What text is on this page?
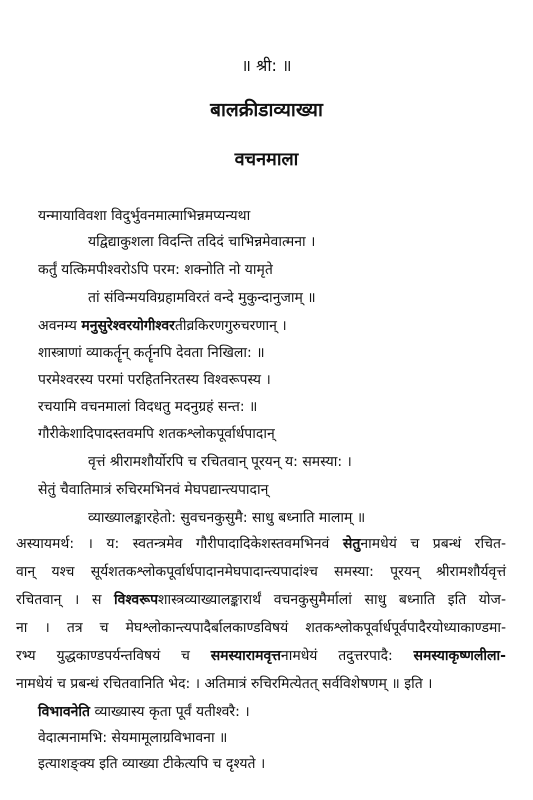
॥ श्री: ॥

बालक्रीडाव्याख्या

वचनमाला

यन्मायाविवशा विदुर्भुवनमात्माभिन्नमप्यन्यथा

यद्विद्याकुशला विदन्ति तदिदं चाभिन्नमेवात्मना ।

कर्तुं यत्किमपीश्वरोऽपि परम: शक्नोति नो यामृते

तां संविन्मयविग्रहामविरतं वन्दे मुकुन्दानुजाम् ॥

अवनम्य मनुसुरेश्वरयोगीश्वरतीव्रकिरणगुरुचरणान् ।

शास्त्राणां व्याकर्तॄन् कर्तॄनपि देवता निखिला: ॥

परमेश्वरस्य परमां परहितनिरतस्य विश्वरूपस्य ।

रचयामि वचनमालां विदधतु मदनुग्रहं सन्त: ॥

गौरीकेशादिपादस्तवमपि शतकश्लोकपूर्वार्धपादान्

वृत्तं श्रीरामशौर्योरपि च रचितवान् पूरयन् य: समस्या: ।

सेतुं चैवातिमात्रं रुचिरमभिनवं मेघपद्यान्त्यपादान्

व्याख्यालङ्कारहेतो: सुवचनकुसुमै: साधु बध्नाति मालाम् ॥

अस्यायमर्थ: । य: स्वतन्त्रमेव गौरीपादादिकेशस्तवमभिनवं सेतुनामधेयं च प्रबन्धं रचित-

वान् यश्च सूर्यशतकश्लोकपूर्वार्धपादानमेघपादान्त्यपादांश्च समस्या: पूरयन् श्रीरामशौर्यवृत्तं

रचितवान् । स विश्वरूपशास्त्रव्याख्यालङ्कारार्थं वचनकुसुमैर्मालां साधु बध्नाति इति योज-

ना । तत्र च मेघश्लोकान्त्यपादैर्बालकाण्डविषयं शतकश्लोकपूर्वार्धपूर्वपादैरयोध्याकाण्डमा-

रभ्य युद्धकाण्डपर्यन्तविषयं च समस्यारामवृत्तनामधेयं तदुत्तरपादै: समस्याकृष्णलीला-

नामधेयं च प्रबन्धं रचितवानिति भेद: । अतिमात्रं रुचिरमित्येतत् सर्वविशेषणम् ॥ इति ।

विभावनेति व्याख्यास्य कृता पूर्वं यतीश्वरै: ।

वेदात्मनामभि: सेयमामूलाग्रविभावना ॥

इत्याशङ्क्य इति व्याख्या टीकेत्यपि च दृश्यते ।
